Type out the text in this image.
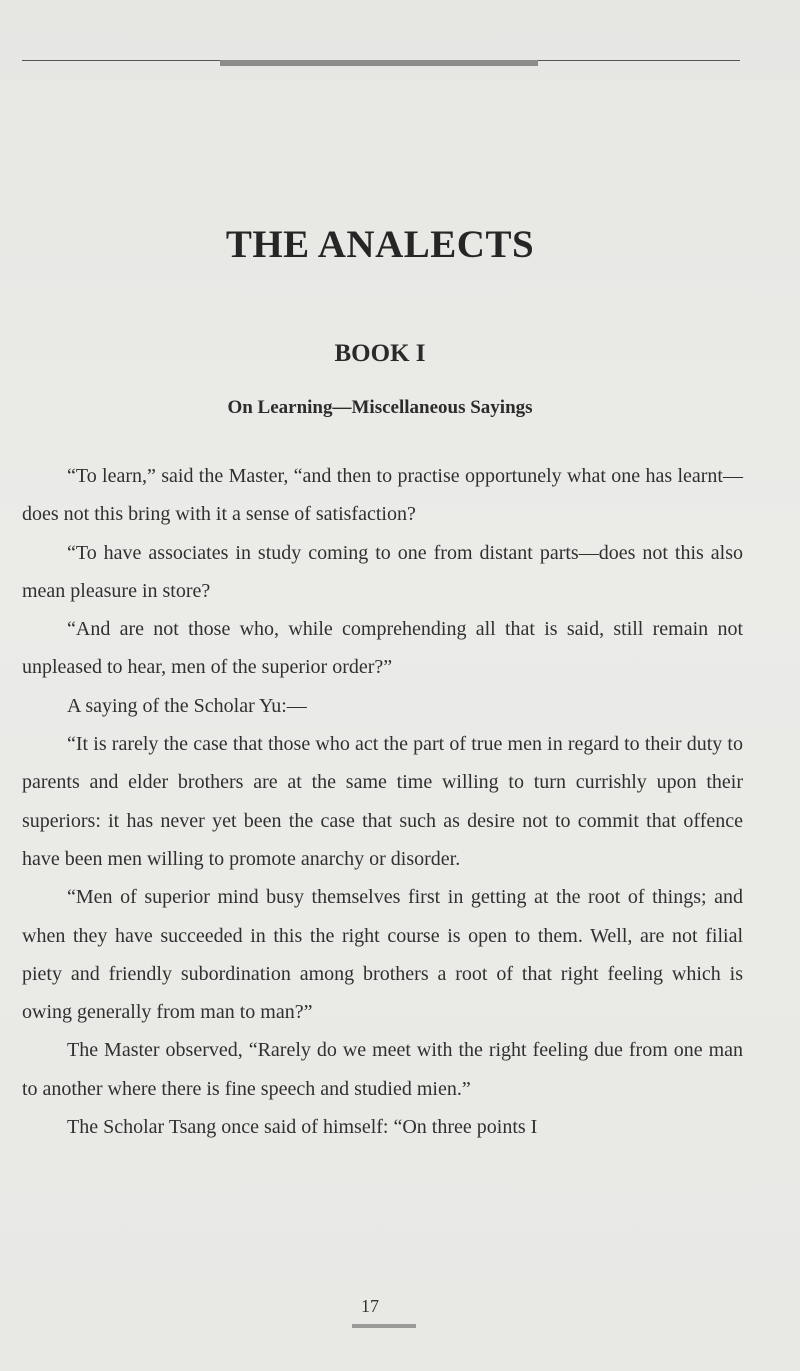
THE ANALECTS
BOOK I
On Learning—Miscellaneous Sayings

“To learn,” said the Master, “and then to practise opportunely what one has learnt—does not this bring with it a sense of satisfaction?

“To have associates in study coming to one from distant parts—does not this also mean pleasure in store?

“And are not those who, while comprehending all that is said, still remain not unpleased to hear, men of the superior order?”

A saying of the Scholar Yu:—

“It is rarely the case that those who act the part of true men in regard to their duty to parents and elder brothers are at the same time willing to turn currishly upon their superiors: it has never yet been the case that such as desire not to commit that offence have been men willing to promote anarchy or disorder.

“Men of superior mind busy themselves first in getting at the root of things; and when they have succeeded in this the right course is open to them. Well, are not filial piety and friendly subordination among brothers a root of that right feeling which is owing generally from man to man?”

The Master observed, “Rarely do we meet with the right feeling due from one man to another where there is fine speech and studied mien.”

The Scholar Tsang once said of himself: “On three points I

17
